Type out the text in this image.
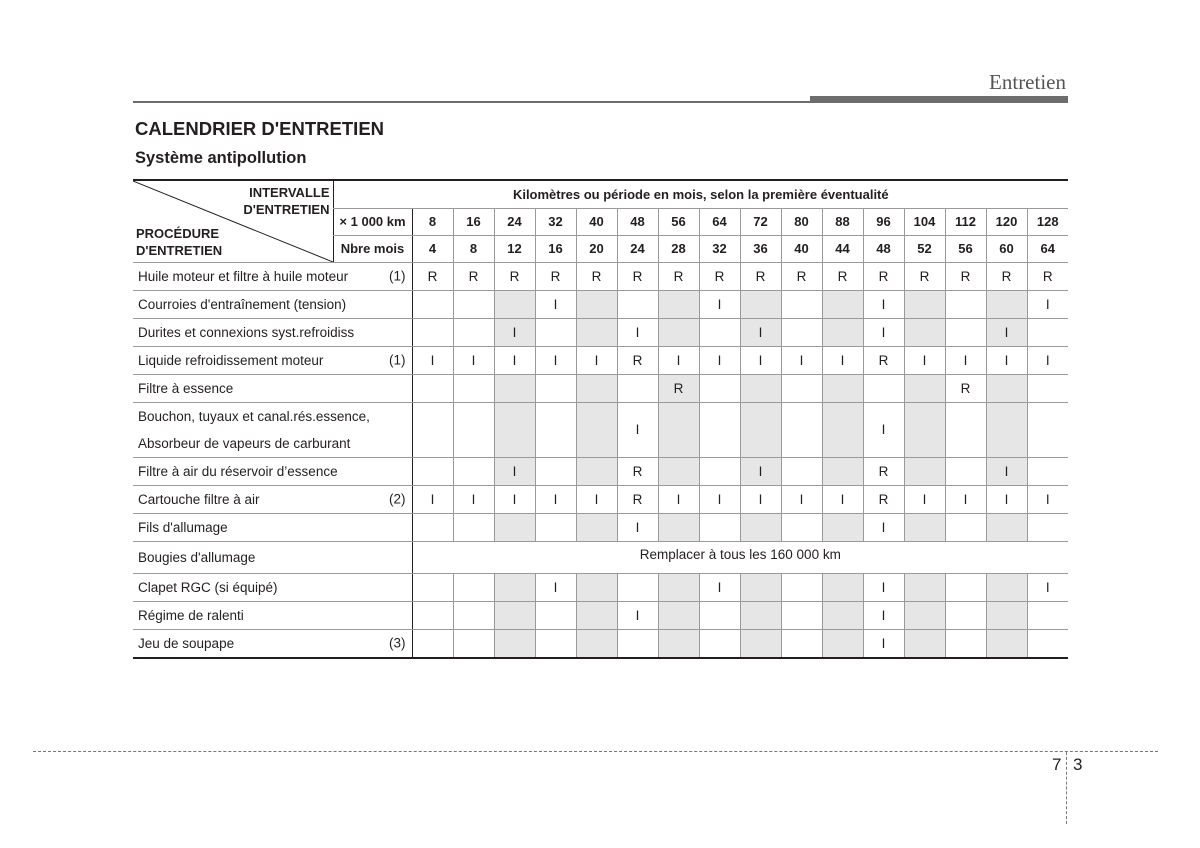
Entretien
CALENDRIER D'ENTRETIEN
Système antipollution
INTERVALLE
D'ENTRETIEN
PROCÉDURE
D'ENTRETIEN	Kilomètres ou période en mois, selon la première éventualité																
	× 1 000 km	8	16	24	32	40	48	56	64	72	80	88	96	104	112	120	128
	Nbre mois	4	8	12	16	20	24	28	32	36	40	44	48	52	56	60	64

Huile moteur et filtre à huile moteur (1)		R	R	R	R	R	R	R	R	R	R	R	R	R	R	R	R

Courroies d'entraînement (tension)					I				I				I				I

Durites et connexions syst.refroidiss				I			I			I			I			I	

Liquide refroidissement moteur (1)		I	I	I	I	I	R	I	I	I	I	I	R	I	I	I	I

Filtre à essence								R							R		

Bouchon, tuyaux et canal.rés.essence,
Absorbeur de vapeurs de carburant							I						I				

Filtre à air du réservoir d’essence				I			R			I			R			I	

Cartouche filtre à air (2)		I	I	I	I	I	R	I	I	I	I	I	R	I	I	I	I

Fils d'allumage							I						I				

Bougies d'allumage		Remplacer à tous les 160 000 km															

Clapet RGC (si équipé)					I				I				I				I

Régime de ralenti							I						I				

Jeu de soupape (3)													I				
7 3
